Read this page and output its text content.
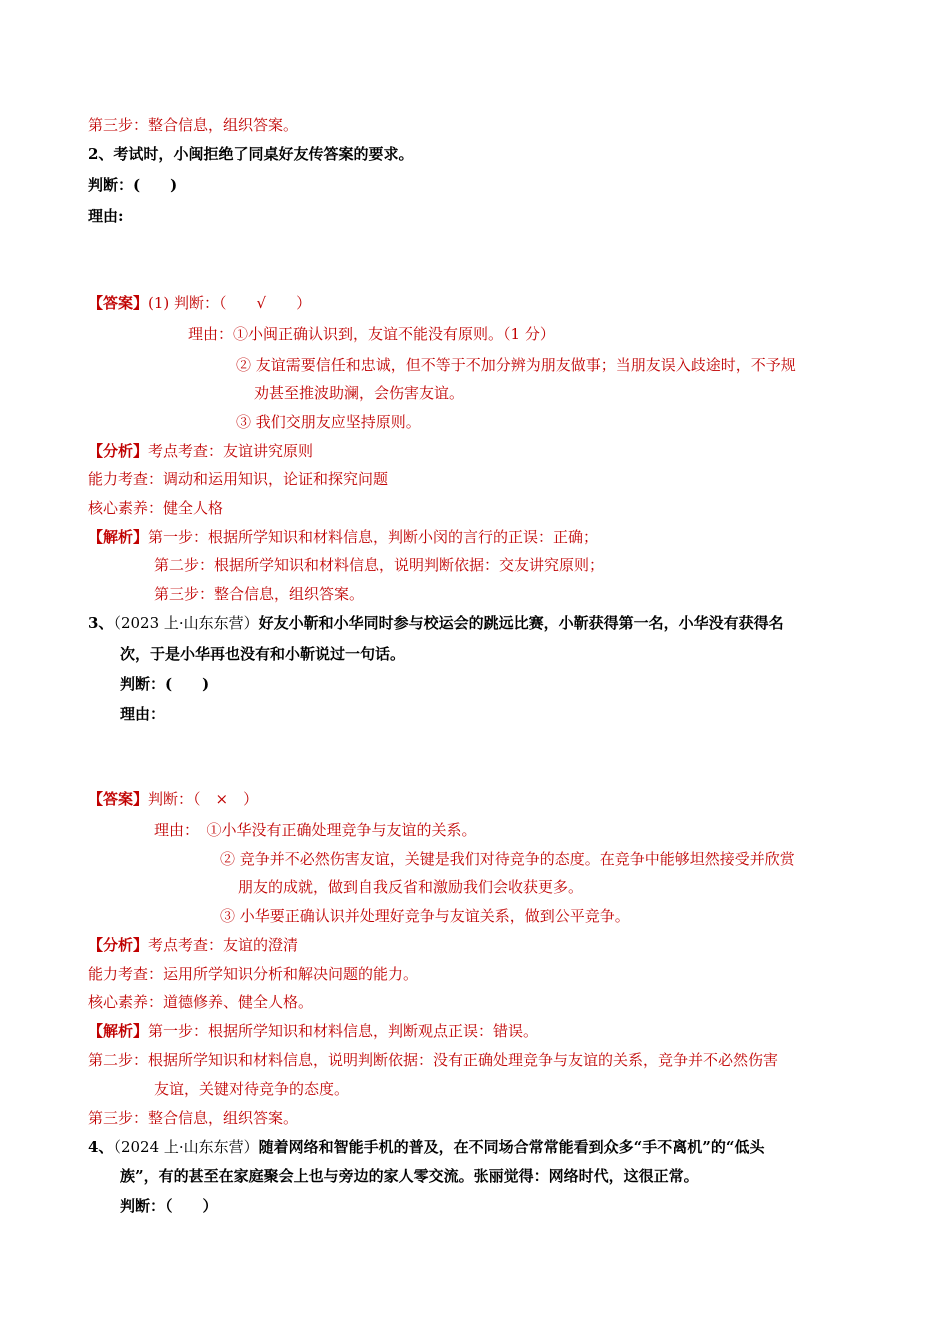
第三步：整合信息，组织答案。
2、考试时，小闽拒绝了同桌好友传答案的要求。
判断：(　　)
理由:
【答案】(1) 判断：（　　√　　）
理由：①小闽正确认识到，友谊不能没有原则。（1 分）
② 友谊需要信任和忠诚，但不等于不加分辨为朋友做事；当朋友误入歧途时，不予规
劝甚至推波助澜，会伤害友谊。
③ 我们交朋友应坚持原则。
【分析】考点考查：友谊讲究原则
能力考查：调动和运用知识，论证和探究问题
核心素养：健全人格
【解析】第一步：根据所学知识和材料信息，判断小闵的言行的正误：正确；
第二步：根据所学知识和材料信息，说明判断依据：交友讲究原则；
第三步：整合信息，组织答案。
3、（2023 上·山东东营）好友小靳和小华同时参与校运会的跳远比赛，小靳获得第一名，小华没有获得名
次，于是小华再也没有和小靳说过一句话。
判断：(　　)
理由：
【答案】判断：（　×　）
理由：　①小华没有正确处理竞争与友谊的关系。
② 竞争并不必然伤害友谊，关键是我们对待竞争的态度。在竞争中能够坦然接受并欣赏
朋友的成就，做到自我反省和激励我们会收获更多。
③ 小华要正确认识并处理好竞争与友谊关系，做到公平竞争。
【分析】考点考查：友谊的澄清
能力考查：运用所学知识分析和解决问题的能力。
核心素养：道德修养、健全人格。
【解析】第一步：根据所学知识和材料信息，判断观点正误：错误。
第二步：根据所学知识和材料信息，说明判断依据：没有正确处理竞争与友谊的关系，竞争并不必然伤害
友谊，关键对待竞争的态度。
第三步：整合信息，组织答案。
4、（2024 上·山东东营）随着网络和智能手机的普及，在不同场合常常能看到众多“手不离机”的“低头
族”，有的甚至在家庭聚会上也与旁边的家人零交流。张丽觉得：网络时代，这很正常。
判断：（　　）
